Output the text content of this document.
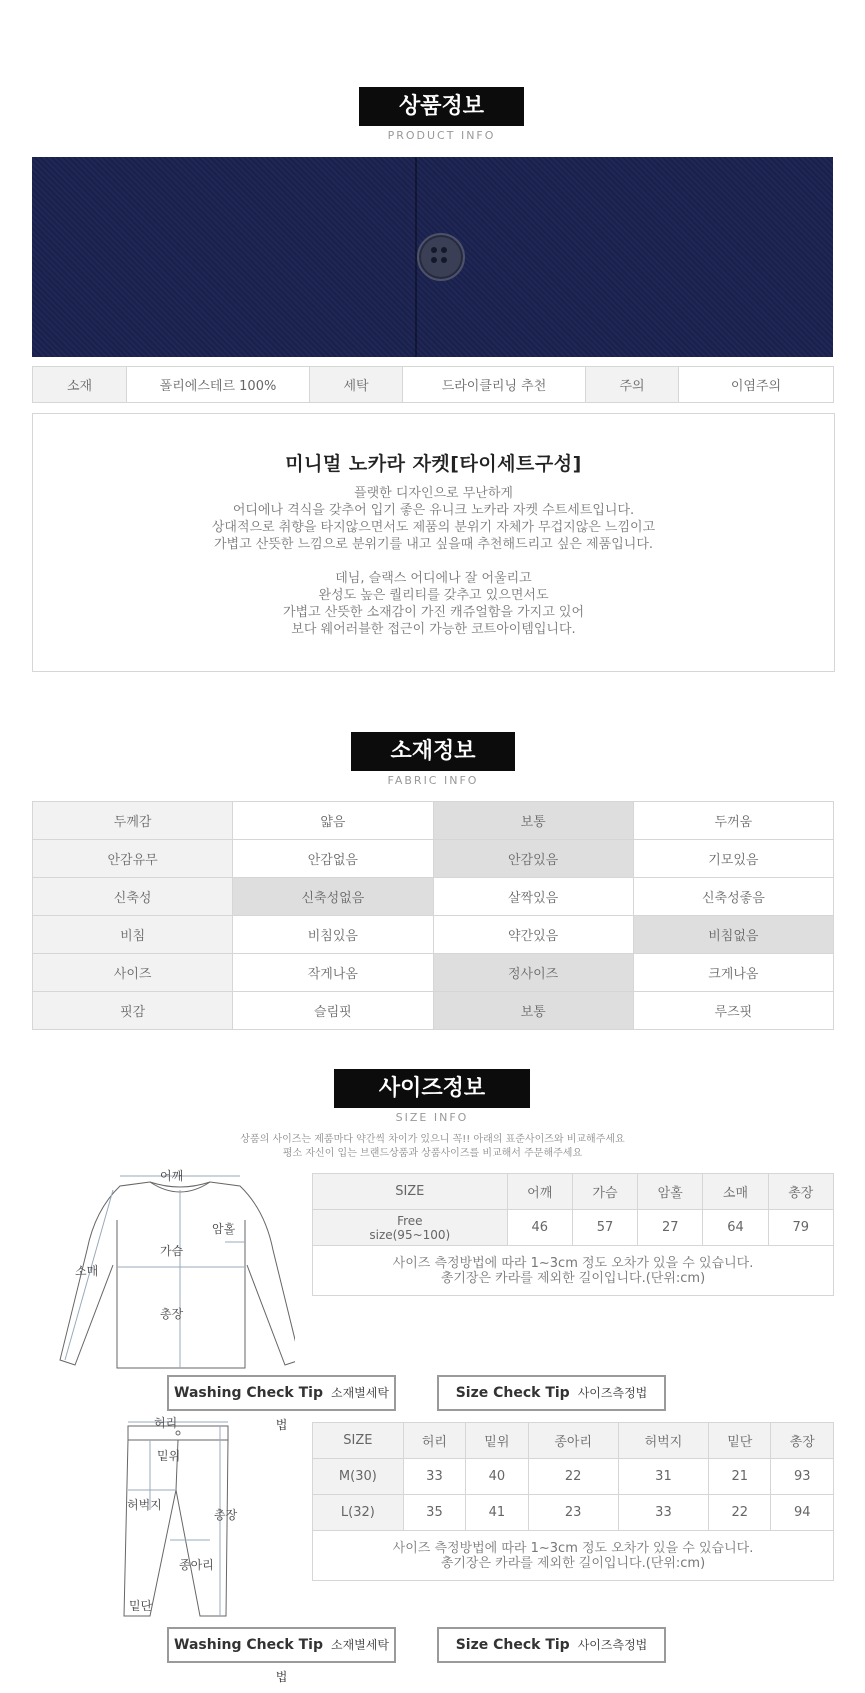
상품정보
PRODUCT INFO
소재	폴리에스테르 100%	세탁	드라이클리닝 추천	주의	이염주의
미니멀 노카라 자켓[타이세트구성]
플랫한 디자인으로 무난하게
어디에나 격식을 갖추어 입기 좋은 유니크 노카라 자켓 수트세트입니다.
상대적으로 취향을 타지않으면서도 제품의 분위기 자체가 무겁지않은 느낌이고
가볍고 산뜻한 느낌으로 분위기를 내고 싶을때 추천해드리고 싶은 제품입니다.
데님, 슬랙스 어디에나 잘 어울리고
완성도 높은 퀄리티를 갖추고 있으면서도
가볍고 산뜻한 소재감이 가진 캐쥬얼함을 가지고 있어
보다 웨어러블한 접근이 가능한 코트아이템입니다.
소재정보
FABRIC INFO
두께감	얇음	보통	두꺼움
안감유무	안감없음	안감있음	기모있음
신축성	신축성없음	살짝있음	신축성좋음
비침	비침있음	약간있음	비침없음
사이즈	작게나옴	정사이즈	크게나옴
핏감	슬림핏	보통	루즈핏
사이즈정보
SIZE INFO
상품의 사이즈는 제품마다 약간씩 차이가 있으니 꼭!! 아래의 표준사이즈와 비교해주세요
평소 자신이 입는 브랜드상품과 상품사이즈를 비교해서 주문해주세요
어깨
암홀
가슴
소매
총장
SIZE	어깨	가슴	암홀	소매	총장

Free
size(95~100)	46	57	27	64	79

사이즈 측정방법에 따라 1~3cm 정도 오차가 있을 수 있습니다.
총기장은 카라를 제외한 길이입니다.(단위:cm)					
Washing Check Tip 소재별세탁법
Size Check Tip 사이즈측정법
허리
밑위
허벅지
총장
종아리
밑단
SIZE	허리	밑위	종아리	허벅지	밑단	총장
M(30)	33	40	22	31	21	93
L(32)	35	41	23	33	22	94

사이즈 측정방법에 따라 1~3cm 정도 오차가 있을 수 있습니다.
총기장은 카라를 제외한 길이입니다.(단위:cm)						
Washing Check Tip 소재별세탁법
Size Check Tip 사이즈측정법
